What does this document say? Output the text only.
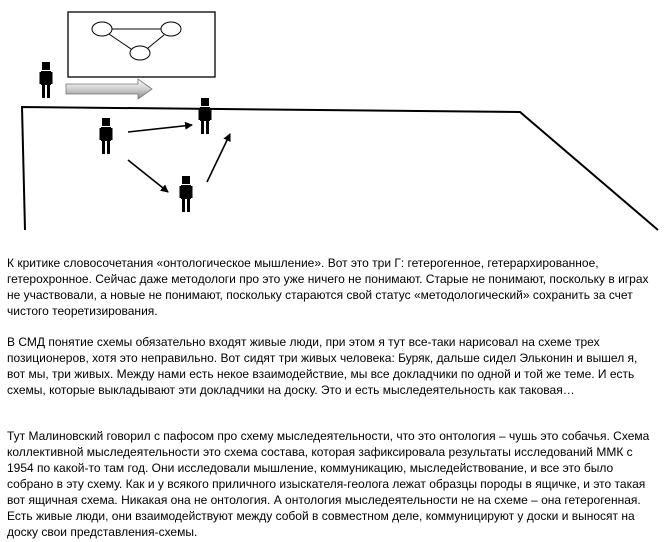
К критике словосочетания «онтологическое мышление». Вот это три Г: гетерогенное, гетерархированное, гетерохронное. Сейчас даже методологи про это уже ничего не понимают. Старые не понимают, поскольку в играх не участвовали, а новые не понимают, поскольку стараются свой статус «методологический» сохранить за счет чистого теоретизирования.

В СМД понятие схемы обязательно входят живые люди, при этом я тут все-таки нарисовал на схеме трех позиционеров, хотя это неправильно. Вот сидят три живых человека: Буряк, дальше сидел Эльконин и вышел я, вот мы, три живых. Между нами есть некое взаимодействие, мы все докладчики по одной и той же теме. И есть схемы, которые выкладывают эти докладчики на доску. Это и есть мыследеятельность как таковая…

Тут Малиновский говорил с пафосом про схему мыследеятельности, что это онтология – чушь это собачья. Схема коллективной мыследеятельности это схема состава, которая зафиксировала результаты исследований ММК с 1954 по какой-то там год. Они исследовали мышление, коммуникацию, мыследействование, и все это было собрано в эту схему. Как и у всякого приличного изыскателя-геолога лежат образцы породы в ящичке, и это такая вот ящичная схема. Никакая она не онтология. А онтология мыследеятельности не на схеме – она гетерогенная. Есть живые люди, они взаимодействуют между собой в совместном деле, коммуницируют у доски и выносят на доску свои представления-схемы.
